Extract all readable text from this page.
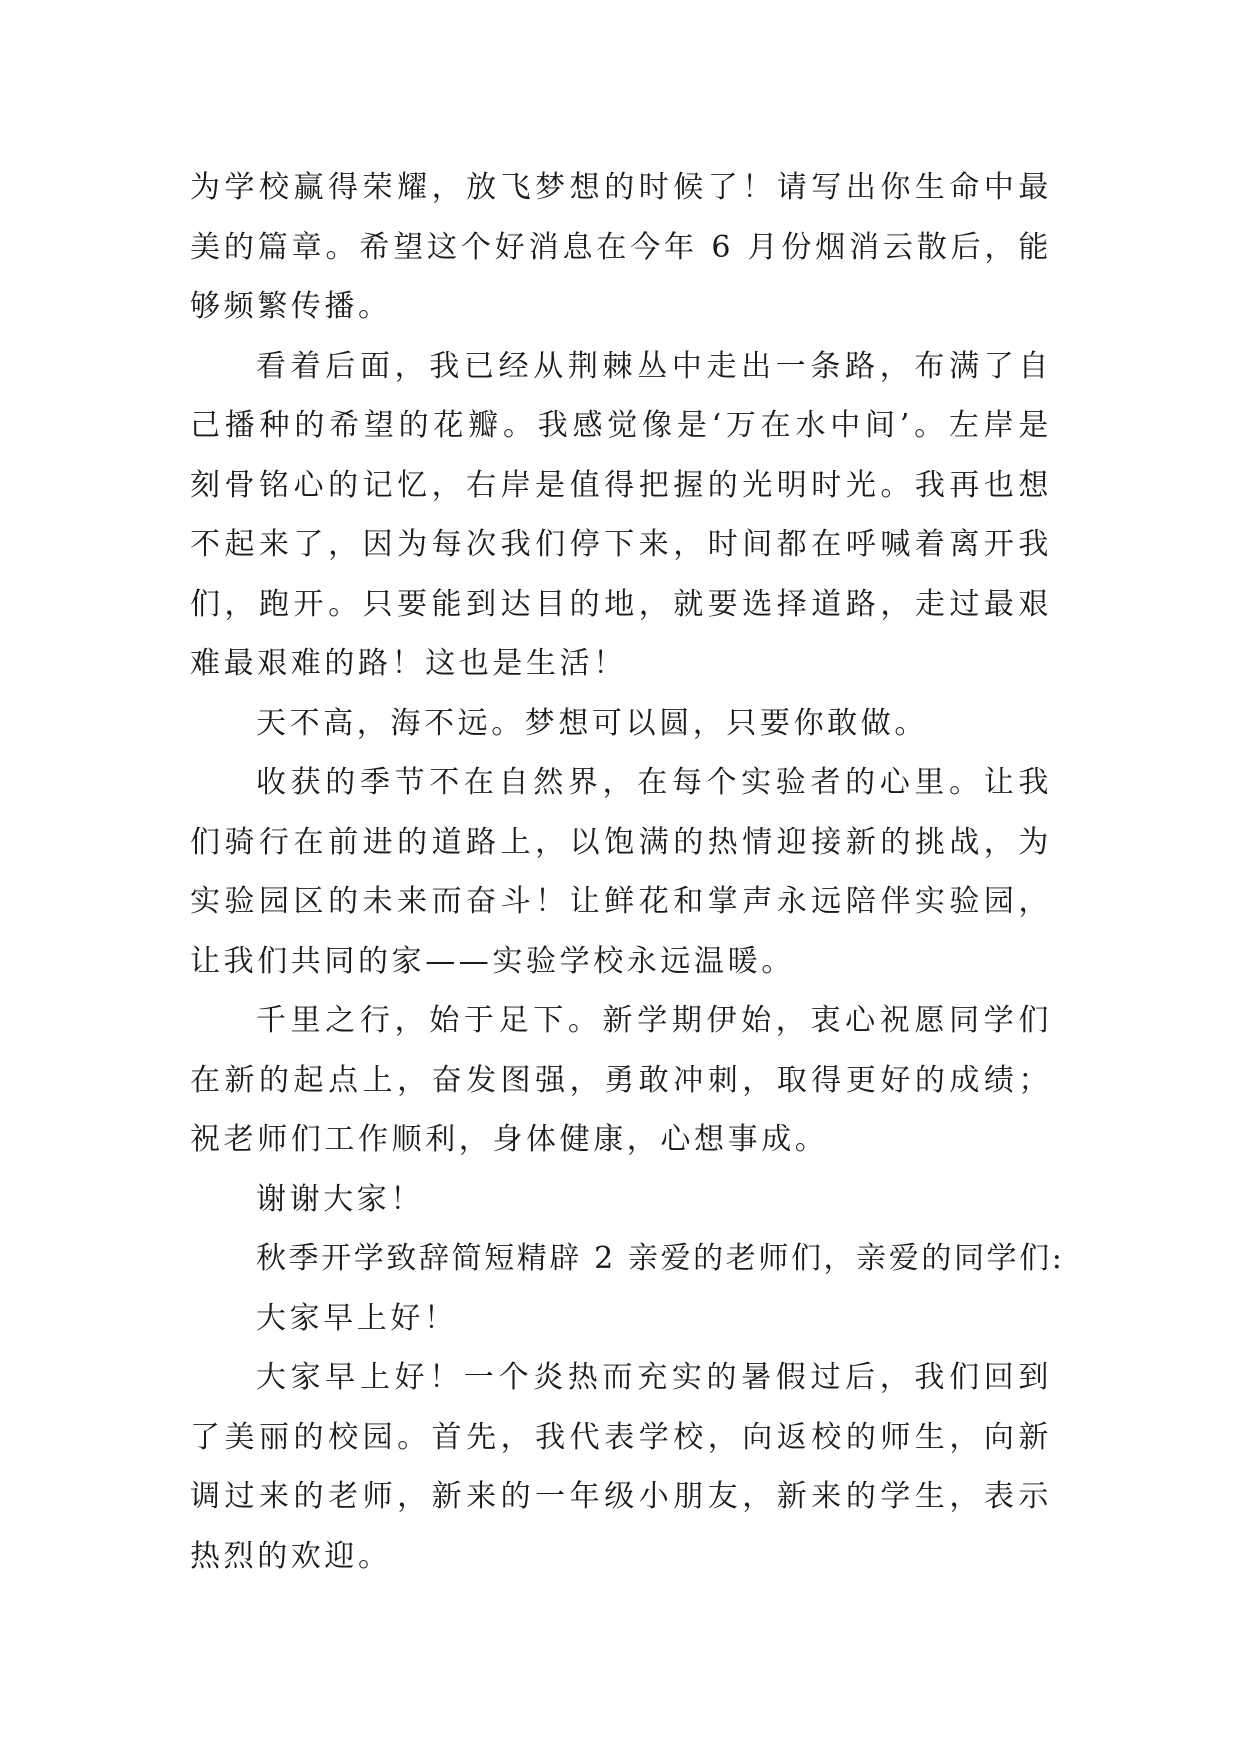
为学校赢得荣耀，放飞梦想的时候了！请写出你生命中最美的篇章。希望这个好消息在今年 6 月份烟消云散后，能够频繁传播。

看着后面，我已经从荆棘丛中走出一条路，布满了自己播种的希望的花瓣。我感觉像是‘万在水中间’。左岸是刻骨铭心的记忆，右岸是值得把握的光明时光。我再也想不起来了，因为每次我们停下来，时间都在呼喊着离开我们，跑开。只要能到达目的地，就要选择道路，走过最艰难最艰难的路！这也是生活！

天不高，海不远。梦想可以圆，只要你敢做。

收获的季节不在自然界，在每个实验者的心里。让我们骑行在前进的道路上，以饱满的热情迎接新的挑战，为实验园区的未来而奋斗！让鲜花和掌声永远陪伴实验园，让我们共同的家——实验学校永远温暖。

千里之行，始于足下。新学期伊始，衷心祝愿同学们在新的起点上，奋发图强，勇敢冲刺，取得更好的成绩；祝老师们工作顺利，身体健康，心想事成。

谢谢大家！

秋季开学致辞简短精辟 2 亲爱的老师们，亲爱的同学们:

大家早上好！

大家早上好！一个炎热而充实的暑假过后，我们回到了美丽的校园。首先，我代表学校，向返校的师生，向新调过来的老师，新来的一年级小朋友，新来的学生，表示热烈的欢迎。
